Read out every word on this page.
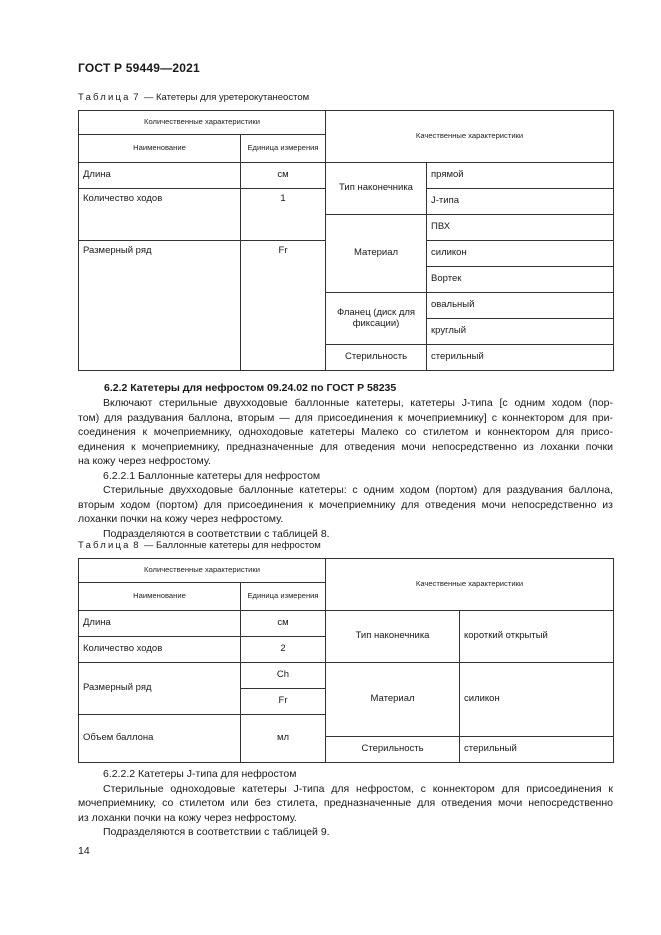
ГОСТ Р 59449—2021
Таблица 7 — Катетеры для уретерокутанеостом
Количественные характеристики		Качественные характеристики	
Наименование	Единица измерения		
Длина	см	Тип наконечника	прямой
Количество ходов	1		J-типа
		Материал	ПВХ
Размерный ряд	Fr		силикон
			Вортек
		Фланец (диск для фиксации)	овальный
			круглый
		Стерильность	стерильный
6.2.2 Катетеры для нефростом 09.24.02 по ГОСТ Р 58235

Включают стерильные двухходовые баллонные катетеры, катетеры J-типа [с одним ходом (пор-

том) для раздувания баллона, вторым — для присоединения к мочеприемнику] с коннектором для при-

соединения к мочеприемнику, одноходовые катетеры Малеко со стилетом и коннектором для присо-

единения к мочеприемнику, предназначенные для отведения мочи непосредственно из лоханки почки

на кожу через нефростому.

6.2.2.1 Баллонные катетеры для нефростом

Стерильные двухходовые баллонные катетеры: с одним ходом (портом) для раздувания баллона,

вторым ходом (портом) для присоединения к мочеприемнику для отведения мочи непосредственно из

лоханки почки на кожу через нефростому.

Подразделяются в соответствии с таблицей 8.

Таблица 8 — Баллонные катетеры для нефростом
Количественные характеристики		Качественные характеристики	
Наименование	Единица измерения		
Длина	см	Тип наконечника	короткий открытый
Количество ходов	2		
Размерный ряд	Ch	Материал	силикон
	Fr		
Объем баллона	мл		
		Стерильность	стерильный

6.2.2.2 Катетеры J-типа для нефростом

Стерильные одноходовые катетеры J-типа для нефростом, с коннектором для присоединения к

мочеприемнику, со стилетом или без стилета, предназначенные для отведения мочи непосредственно

из лоханки почки на кожу через нефростому.

Подразделяются в соответствии с таблицей 9.

14
